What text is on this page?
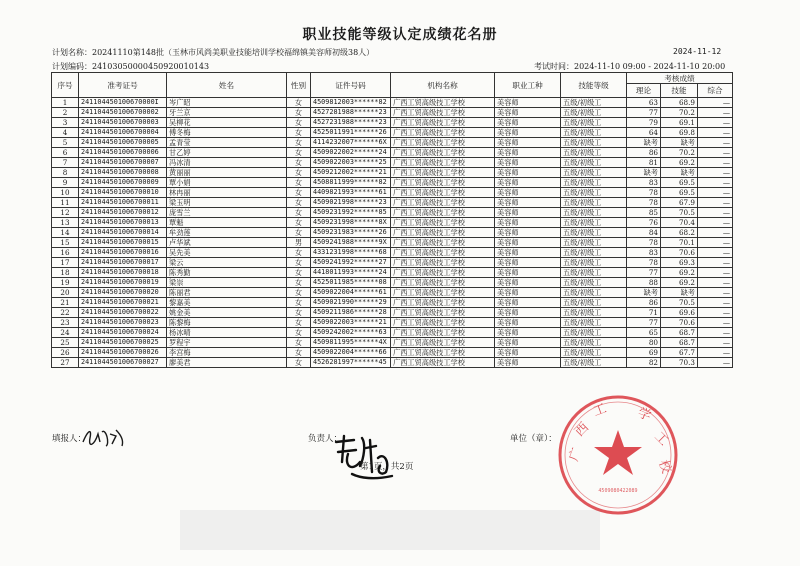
职业技能等级认定成绩花名册
计划名称：20241110第148批（玉林市风尚美职业技能培训学校福绵镇美容师初级38人）	2024-11-12
计划编码：24103050000450920010143	考试时间：2024-11-10 09:00 - 2024-11-10 20:00
序号	准考证号	姓名	性别	证件号码	机构名称	职业工种	技能等级	考核成绩		
								理论	技能	综合
1	241104450100670000I	岑广昭	女	4509812003******82	广西工贸高级技工学校	美容师	五级/初级工	63	68.9	—
2	2411044501006700002	牙兰京	女	4527281988******23	广西工贸高级技工学校	美容师	五级/初级工	77	70.2	—
3	2411044501006700003	吴柳花	女	4527231988******23	广西工贸高级技工学校	美容师	五级/初级工	79	69.1	—
4	2411044501006700004	傅冬梅	女	4525011991******26	广西工贸高级技工学校	美容师	五级/初级工	64	69.8	—
5	2411044501006700005	孟青莹	女	4114232007******6X	广西工贸高级技工学校	美容师	五级/初级工	缺考	缺考	—
6	2411044501006700006	甘乙婷	女	4509022002******24	广西工贸高级技工学校	美容师	五级/初级工	86	70.2	—
7	2411044501006700007	冯冰清	女	4509022003******25	广西工贸高级技工学校	美容师	五级/初级工	81	69.2	—
8	2411044501006700008	黄丽丽	女	4509212002******21	广西工贸高级技工学校	美容师	五级/初级工	缺考	缺考	—
9	2411044501006700009	覃小娟	女	4508811999******82	广西工贸高级技工学校	美容师	五级/初级工	83	69.5	—
10	2411044501006700010	林冉丽	女	4409821993******61	广西工贸高级技工学校	美容师	五级/初级工	78	69.5	—
11	2411044501006700011	梁玉明	女	4509021998******23	广西工贸高级技工学校	美容师	五级/初级工	78	67.9	—
12	2411044501006700012	庞雪兰	女	4509231992******85	广西工贸高级技工学校	美容师	五级/初级工	85	70.5	—
13	2411044501006700013	覃魁	女	4509231998******8X	广西工贸高级技工学校	美容师	五级/初级工	76	70.4	—
14	2411044501006700014	牟劲莲	女	4509231983******26	广西工贸高级技工学校	美容师	五级/初级工	84	68.2	—
15	2411044501006700015	卢华斌	男	4509241988******9X	广西工贸高级技工学校	美容师	五级/初级工	78	70.1	—
16	2411044501006700016	吴先美	女	4331231998******68	广西工贸高级技工学校	美容师	五级/初级工	83	70.6	—
17	2411044501006700017	梁云	女	4509241992******27	广西工贸高级技工学校	美容师	五级/初级工	78	69.3	—
18	2411044501006700018	陈秀勤	女	4418011993******24	广西工贸高级技工学校	美容师	五级/初级工	77	69.2	—
19	2411044501006700019	梁崇	女	4525011985******08	广西工贸高级技工学校	美容师	五级/初级工	88	69.2	—
20	2411044501006700020	陈丽君	女	4509022004******61	广西工贸高级技工学校	美容师	五级/初级工	缺考	缺考	—
21	2411044501006700021	黎嘉美	女	4509021990******29	广西工贸高级技工学校	美容师	五级/初级工	86	70.5	—
22	2411044501006700022	姚金美	女	4509211986******28	广西工贸高级技工学校	美容师	五级/初级工	71	69.6	—
23	2411044501006700023	陈黎梅	女	4509022003******21	广西工贸高级技工学校	美容师	五级/初级工	77	70.6	—
24	2411044501006700024	杨冰晴	女	4509242002******63	广西工贸高级技工学校	美容师	五级/初级工	65	68.7	—
25	2411044501006700025	罗程宇	女	4509811995******4X	广西工贸高级技工学校	美容师	五级/初级工	80	68.7	—
26	2411044501006700026	李宫梅	女	4509022004******66	广西工贸高级技工学校	美容师	五级/初级工	69	67.7	—
27	2411044501006700027	廖美君	女	4526281997******45	广西工贸高级技工学校	美容师	五级/初级工	82	70.3	—
填报人：	负责人：
第1页，共2页
单位（章）：
广
西
工 学
工
校
4509080422089
